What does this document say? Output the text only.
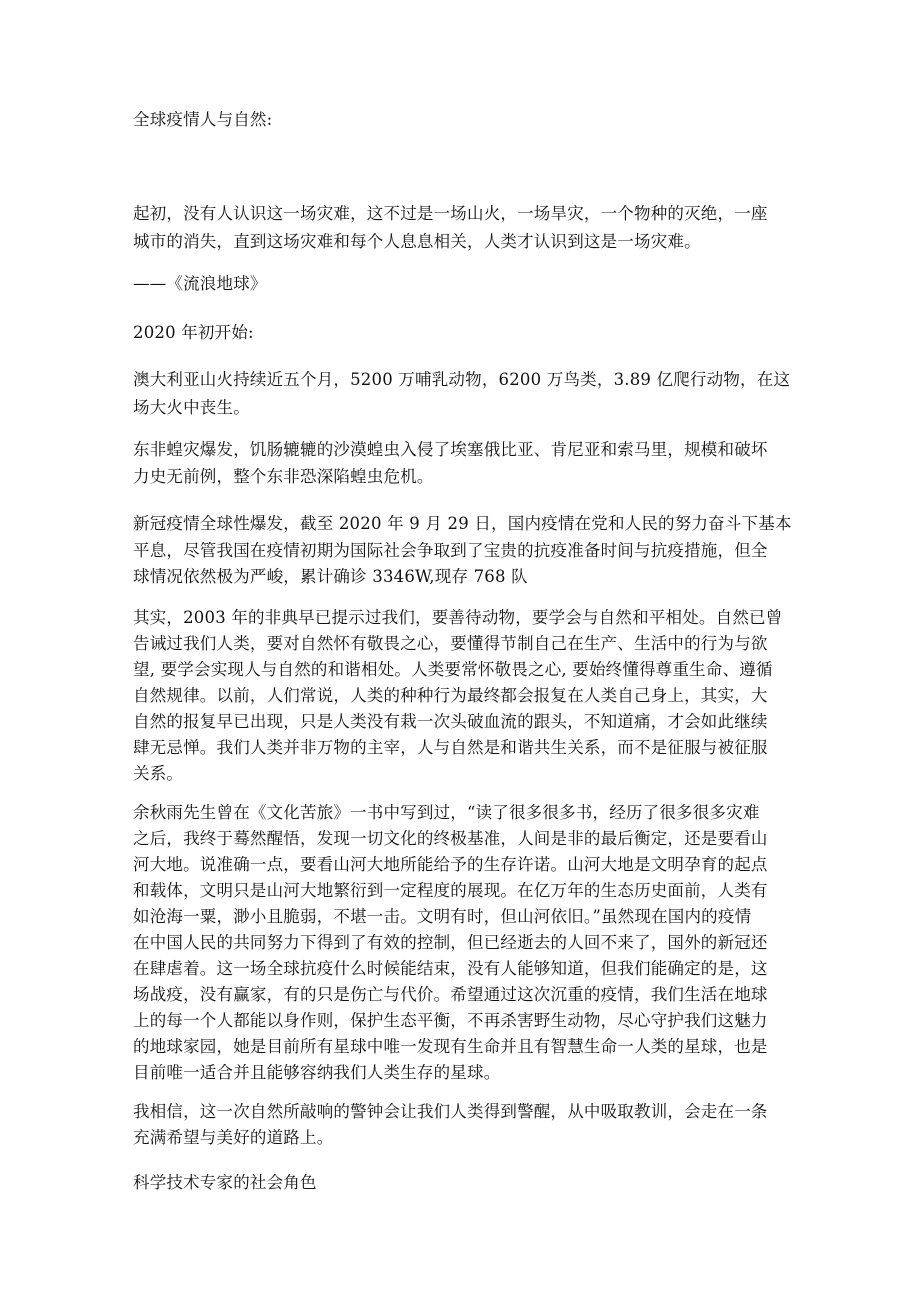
全球疫情人与自然:
起初，没有人认识这一场灾难，这不过是一场山火，一场旱灾，一个物种的灭绝，一座
城市的消失，直到这场灾难和每个人息息相关，人类才认识到这是一场灾难。
——《流浪地球》
2020 年初开始:
澳大利亚山火持续近五个月，5200 万哺乳动物，6200 万鸟类，3.89 亿爬行动物，在这
场大火中丧生。
东非蝗灾爆发，饥肠辘辘的沙漠蝗虫入侵了埃塞俄比亚、肯尼亚和索马里，规模和破坏
力史无前例，整个东非恐深陷蝗虫危机。
新冠疫情全球性爆发，截至 2020 年 9 月 29 日，国内疫情在党和人民的努力奋斗下基本
平息，尽管我国在疫情初期为国际社会争取到了宝贵的抗疫准备时间与抗疫措施，但全
球情况依然极为严峻，累计确诊 3346W,现存 768 队
其实，2003 年的非典早已提示过我们，要善待动物，要学会与自然和平相处。自然已曾
告诫过我们人类，要对自然怀有敬畏之心，要懂得节制自己在生产、生活中的行为与欲
望, 要学会实现人与自然的和谐相处。人类要常怀敬畏之心, 要始终懂得尊重生命、遵循
自然规律。以前，人们常说，人类的种种行为最终都会报复在人类自己身上，其实，大
自然的报复早已出现，只是人类没有栽一次头破血流的跟头，不知道痛，才会如此继续
肆无忌惮。我们人类并非万物的主宰，人与自然是和谐共生关系，而不是征服与被征服
关系。
余秋雨先生曾在《文化苦旅》一书中写到过，“读了很多很多书，经历了很多很多灾难
之后，我终于蓦然醒悟，发现一切文化的终极基准，人间是非的最后衡定，还是要看山
河大地。说准确一点，要看山河大地所能给予的生存许诺。山河大地是文明孕育的起点
和载体，文明只是山河大地繁衍到一定程度的展现。在亿万年的生态历史面前，人类有
如沧海一粟，渺小且脆弱，不堪一击。文明有时，但山河依旧。”虽然现在国内的疫情
在中国人民的共同努力下得到了有效的控制，但已经逝去的人回不来了，国外的新冠还
在肆虐着。这一场全球抗疫什么时候能结束，没有人能够知道，但我们能确定的是，这
场战疫，没有赢家，有的只是伤亡与代价。希望通过这次沉重的疫情，我们生活在地球
上的每一个人都能以身作则，保护生态平衡，不再杀害野生动物，尽心守护我们这魅力
的地球家园，她是目前所有星球中唯一发现有生命并且有智慧生命一人类的星球，也是
目前唯一适合并且能够容纳我们人类生存的星球。
我相信，这一次自然所敲响的警钟会让我们人类得到警醒，从中吸取教训，会走在一条
充满希望与美好的道路上。
科学技术专家的社会角色
